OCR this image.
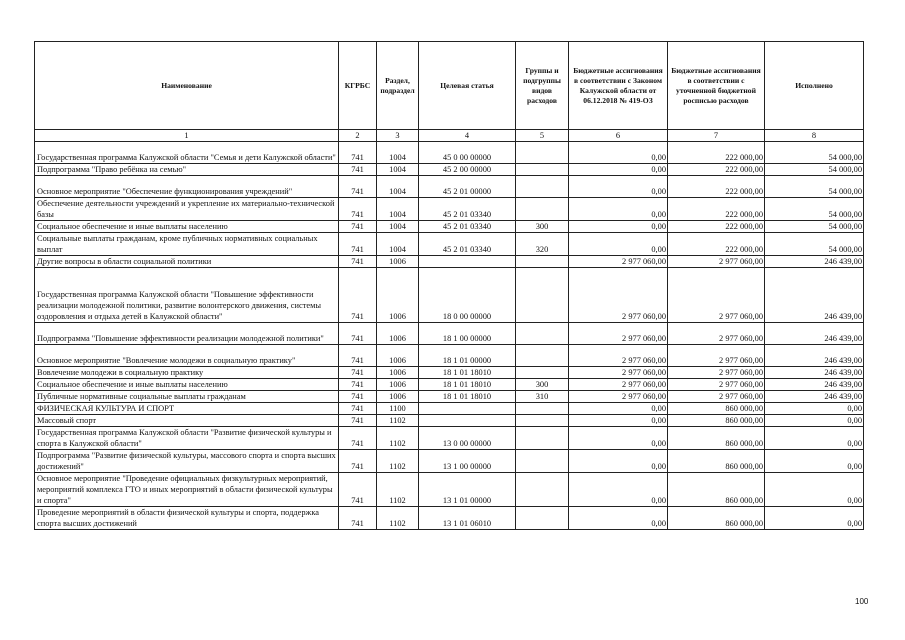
Наименование	КГРБС	Раздел, подраздел	Целевая статья	Группы и подгруппы видов расходов	Бюджетные ассигнования в соответствии с Законом Калужской области от 06.12.2018 № 419-ОЗ	Бюджетные ассигнования в соответствии с уточненной бюджетной росписью расходов	Исполнено
1	2	3	4	5	6	7	8
Государственная программа Калужской области "Семья и дети Калужской области"	741	1004	45 0 00 00000		0,00	222 000,00	54 000,00
Подпрограмма "Право ребёнка на семью"	741	1004	45 2 00 00000		0,00	222 000,00	54 000,00
Основное мероприятие "Обеспечение функционирования учреждений"	741	1004	45 2 01 00000		0,00	222 000,00	54 000,00
Обеспечение деятельности учреждений и укрепление их материально-технической базы	741	1004	45 2 01 03340		0,00	222 000,00	54 000,00
Социальное обеспечение и иные выплаты населению	741	1004	45 2 01 03340	300	0,00	222 000,00	54 000,00
Социальные выплаты гражданам, кроме публичных нормативных социальных выплат	741	1004	45 2 01 03340	320	0,00	222 000,00	54 000,00
Другие вопросы в области социальной политики	741	1006			2 977 060,00	2 977 060,00	246 439,00
Государственная программа Калужской области "Повышение эффективности реализации молодежной политики, развитие волонтерского движения, системы оздоровления и отдыха детей в Калужской области"	741	1006	18 0 00 00000		2 977 060,00	2 977 060,00	246 439,00
Подпрограмма "Повышение эффективности реализации молодежной политики"	741	1006	18 1 00 00000		2 977 060,00	2 977 060,00	246 439,00
Основное мероприятие "Вовлечение молодежи в социальную практику"	741	1006	18 1 01 00000		2 977 060,00	2 977 060,00	246 439,00
Вовлечение молодежи в социальную практику	741	1006	18 1 01 18010		2 977 060,00	2 977 060,00	246 439,00
Социальное обеспечение и иные выплаты населению	741	1006	18 1 01 18010	300	2 977 060,00	2 977 060,00	246 439,00
Публичные нормативные социальные выплаты гражданам	741	1006	18 1 01 18010	310	2 977 060,00	2 977 060,00	246 439,00
ФИЗИЧЕСКАЯ КУЛЬТУРА И СПОРТ	741	1100			0,00	860 000,00	0,00
Массовый спорт	741	1102			0,00	860 000,00	0,00
Государственная программа Калужской области "Развитие физической культуры и спорта в Калужской области"	741	1102	13 0 00 00000		0,00	860 000,00	0,00
Подпрограмма "Развитие физической культуры, массового спорта и спорта высших достижений"	741	1102	13 1 00 00000		0,00	860 000,00	0,00
Основное мероприятие "Проведение официальных физкультурных мероприятий, мероприятий комплекса ГТО и иных мероприятий в области физической культуры и спорта"	741	1102	13 1 01 00000		0,00	860 000,00	0,00
Проведение мероприятий в области физической культуры и спорта, поддержка спорта высших достижений	741	1102	13 1 01 06010		0,00	860 000,00	0,00
100
